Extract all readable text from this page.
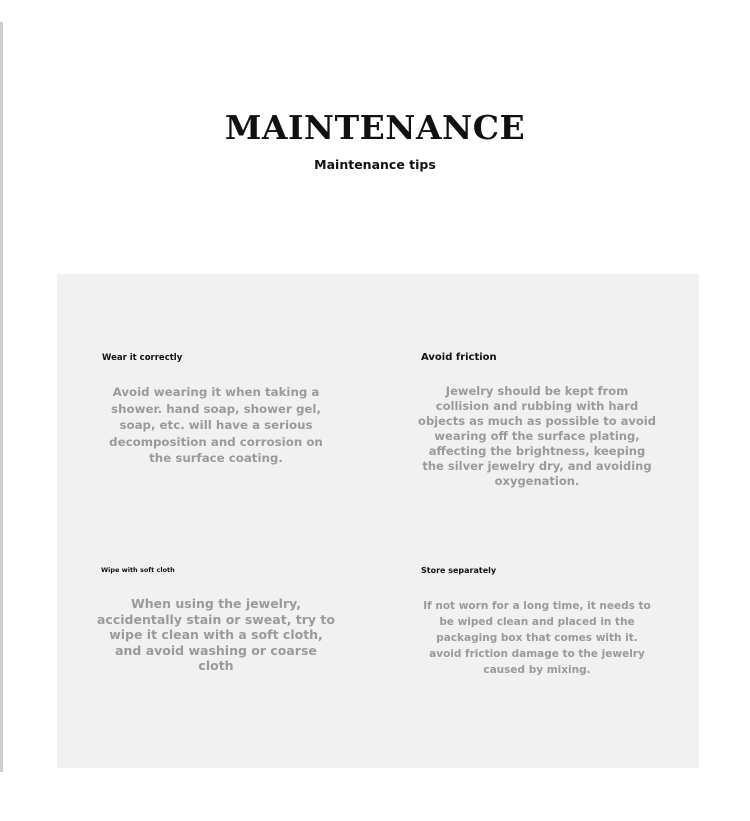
MAINTENANCE
Maintenance tips
Wear it correctly
Avoid wearing it when taking a shower. hand soap, shower gel, soap, etc. will have a serious decomposition and corrosion on the surface coating.
Avoid friction
Jewelry should be kept from collision and rubbing with hard objects as much as possible to avoid wearing off the surface plating, affecting the brightness, keeping the silver jewelry dry, and avoiding oxygenation.
Wipe with soft cloth
When using the jewelry, accidentally stain or sweat, try to wipe it clean with a soft cloth, and avoid washing or coarse cloth
Store separately
If not worn for a long time, it needs to be wiped clean and placed in the packaging box that comes with it. avoid friction damage to the jewelry caused by mixing.
